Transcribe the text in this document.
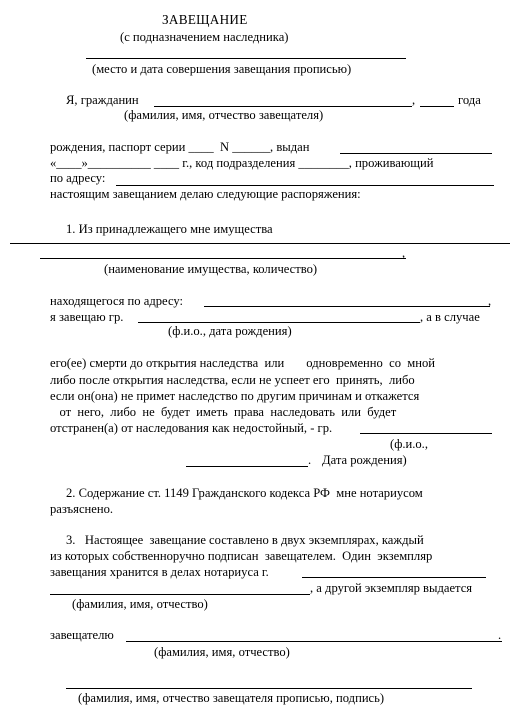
ЗАВЕЩАНИЕ
(с подназначением наследника)
(место и дата совершения завещания прописью)
Я, гражданин	,	года
(фамилия, имя, отчество завещателя)
рождения, паспорт серии ____  N ______, выдан
«____»__________ ____ г., код подразделения ________, проживающий
по адресу:
настоящим завещанием делаю следующие распоряжения:
1. Из принадлежащего мне имущества
,
(наименование имущества, количество)
находящегося по адресу:	,
я завещаю гр.	, а в случае
(ф.и.о., дата рождения)
его(ее) смерти до открытия наследства  или       одновременно  со  мной
либо после открытия наследства, если не успеет его  принять,  либо
если он(она) не примет наследство по другим причинам и откажется
от  него,  либо  не  будет  иметь  права  наследовать  или  будет
отстранен(а) от наследования как недостойный, - гр.
(ф.и.о.,
. Дата рождения)
2. Содержание ст. 1149 Гражданского кодекса РФ  мне нотариусом
разъяснено.
3.   Настоящее  завещание составлено в двух экземплярах, каждый
из которых собственноручно подписан  завещателем.  Один  экземпляр
завещания хранится в делах нотариуса г.
, а другой экземпляр выдается
(фамилия, имя, отчество)
завещателю	.
(фамилия, имя, отчество)
(фамилия, имя, отчество завещателя прописью, подпись)
